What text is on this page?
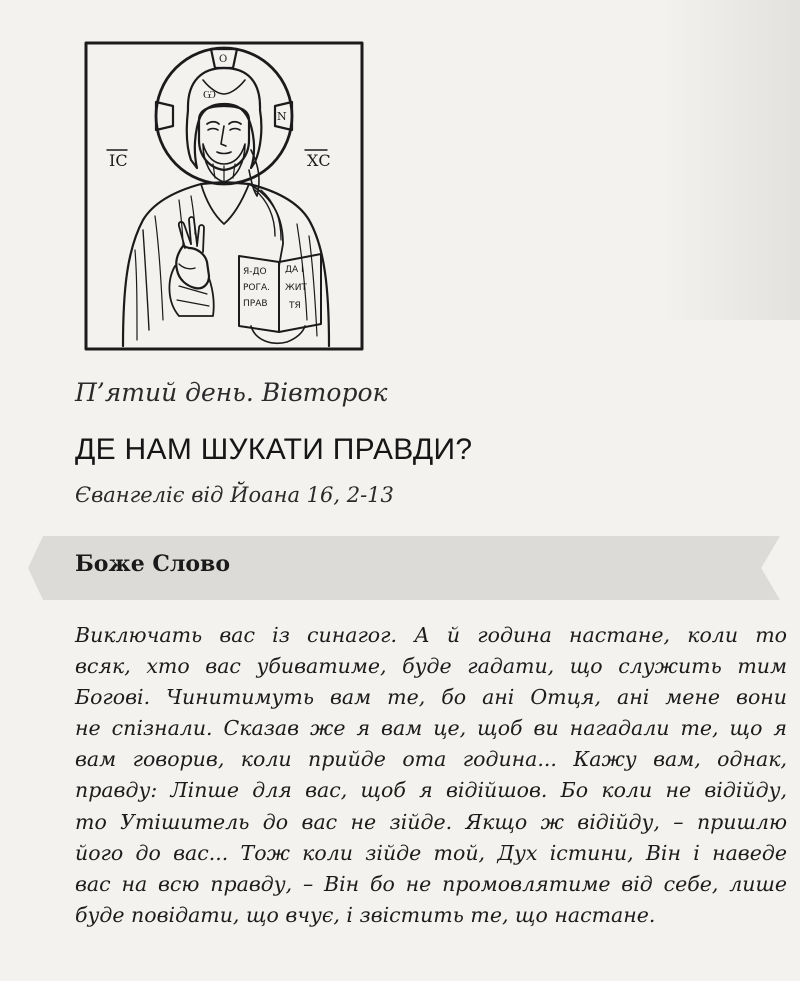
Ѡ
О
Ν
ІС	ХС
Я-ДО
РОГА.
ПРАВ
ДА І
ЖИТ
ТЯ
П’ятий день. Вівторок
ДЕ НАМ ШУКАТИ ПРАВДИ?
Євангеліє від Йоана 16, 2-13
Боже Слово
Виключать вас із синагог. А й година настане, коли то
всяк, хто вас убиватиме, буде гадати, що служить тим
Богові. Чинитимуть вам те, бо ані Отця, ані мене вони
не спізнали. Сказав же я вам це, щоб ви нагадали те, що я
вам говорив, коли прийде ота година... Кажу вам, однак,
правду: Ліпше для вас, щоб я відійшов. Бо коли не відійду,
то Утішитель до вас не зійде. Якщо ж відійду, – пришлю
його до вас... Тож коли зійде той, Дух істини, Він і наведе
вас на всю правду, – Він бо не промовлятиме від себе, лише
буде повідати, що вчує, і звістить те, що настане.
